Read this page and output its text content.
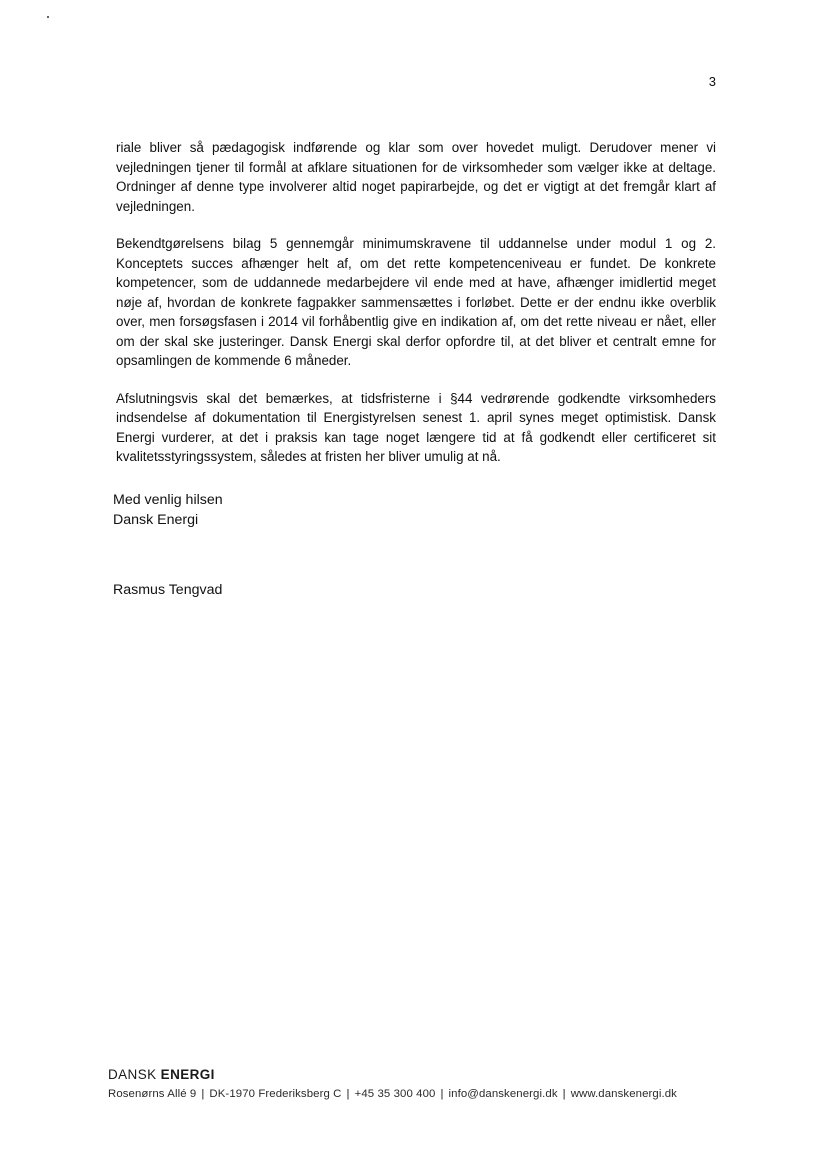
3

riale bliver så pædagogisk indførende og klar som over hovedet muligt. Derudover mener vi vejledningen tjener til formål at afklare situationen for de virksomheder som vælger ikke at deltage. Ordninger af denne type involverer altid noget papirarbejde, og det er vigtigt at det fremgår klart af vejledningen.

Bekendtgørelsens bilag 5 gennemgår minimumskravene til uddannelse under modul 1 og 2. Konceptets succes afhænger helt af, om det rette kompetenceniveau er fundet. De konkrete kompetencer, som de uddannede medarbejdere vil ende med at have, afhænger imidlertid meget nøje af, hvordan de konkrete fagpakker sammensættes i forløbet. Dette er der endnu ikke overblik over, men forsøgsfasen i 2014 vil forhåbentlig give en indikation af, om det rette niveau er nået, eller om der skal ske justeringer. Dansk Energi skal derfor opfordre til, at det bliver et centralt emne for opsamlingen de kommende 6 måneder.

Afslutningsvis skal det bemærkes, at tidsfristerne i §44 vedrørende godkendte virksomheders indsendelse af dokumentation til Energistyrelsen senest 1. april synes meget optimistisk. Dansk Energi vurderer, at det i praksis kan tage noget længere tid at få godkendt eller certificeret sit kvalitetsstyringssystem, således at fristen her bliver umulig at nå.

Med venlig hilsen
Dansk Energi
Rasmus Tengvad
DANSK ENERGI
Rosenørns Allé 9 | DK-1970 Frederiksberg C | +45 35 300 400 | info@danskenergi.dk | www.danskenergi.dk
